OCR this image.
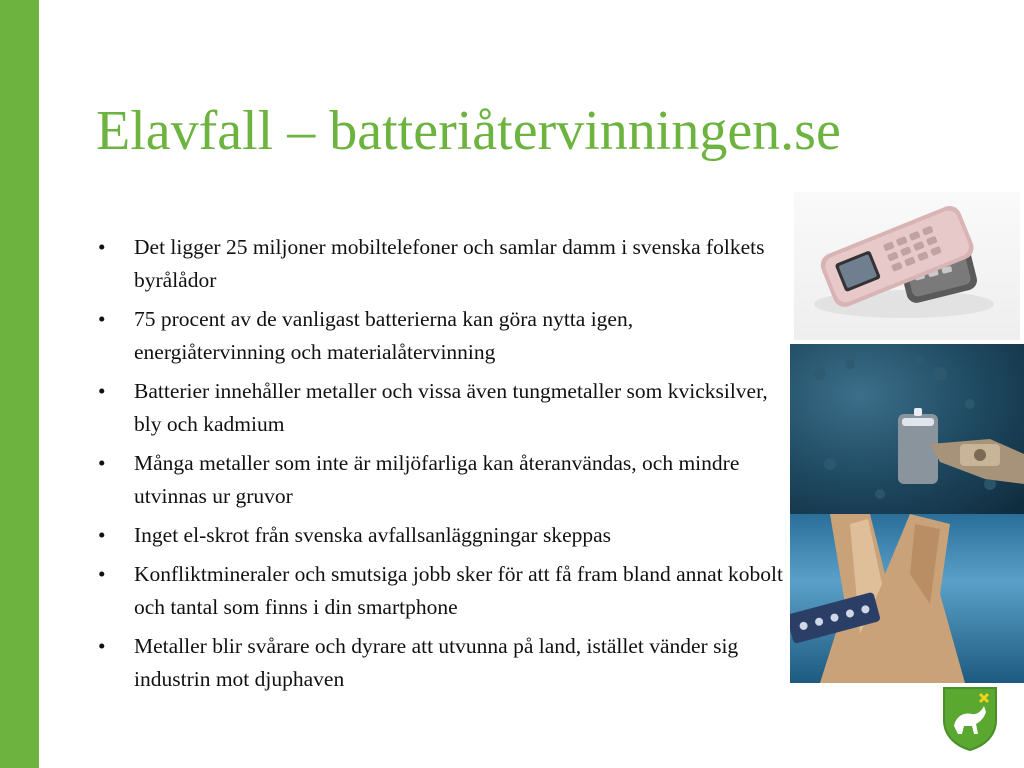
Elavfall – batteriåtervinningen.se
• Det ligger 25 miljoner mobiltelefoner och samlar damm i svenska folkets byrålådor
• 75 procent av de vanligast batterierna kan göra nytta igen, energiåtervinning och materialåtervinning
• Batterier innehåller metaller och vissa även tungmetaller som kvicksilver, bly och kadmium
• Många metaller som inte är miljöfarliga kan återanvändas, och mindre utvinnas ur gruvor
• Inget el-skrot från svenska avfallsanläggningar skeppas
• Konfliktmineraler och smutsiga jobb sker för att få fram bland annat kobolt och tantal som finns i din smartphone
• Metaller blir svårare och dyrare att utvunna på land, istället vänder sig industrin mot djuphaven
